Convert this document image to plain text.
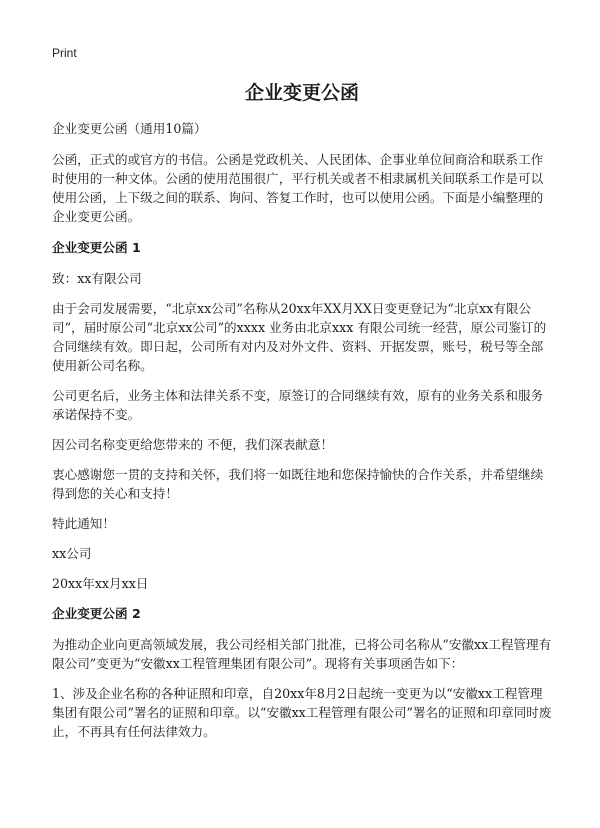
Print
企业变更公函

企业变更公函（通用10篇）

公函，正式的或官方的书信。公函是党政机关、人民团体、企事业单位间商洽和联系工作时使用的一种文体。公函的使用范围很广，平行机关或者不相隶属机关间联系工作是可以使用公函，上下级之间的联系、询问、答复工作时，也可以使用公函。下面是小编整理的企业变更公函。

企业变更公函 1

致：xx有限公司

由于会司发展需要，“北京xx公司”名称从20xx年XX月XX日变更登记为“北京xx有限公司”，届时原公司“北京xx公司”的xxxx 业务由北京xxx 有限公司统一经营，原公司鉴订的合同继续有效。即日起，公司所有对内及对外文件、资料、开据发票，账号，税号等全部使用新公司名称。

公司更名后，业务主体和法律关系不变，原签订的合同继续有效，原有的业务关系和服务承诺保持不变。

因公司名称变更给您带来的 不便，我们深表献意！

衷心感谢您一贯的支持和关怀，我们将一如既往地和您保持愉快的合作关系，并希望继续得到您的关心和支持！

特此通知！

xx公司

20xx年xx月xx日

企业变更公函 2

为推动企业向更高领域发展，我公司经相关部门批准，已将公司名称从“安徽xx工程管理有限公司”变更为“安徽xx工程管理集团有限公司”。现将有关事项函告如下：

1、涉及企业名称的各种证照和印章，自20xx年8月2日起统一变更为以“安徽xx工程管理集团有限公司”署名的证照和印章。以“安徽xx工程管理有限公司”署名的证照和印章同时废止，不再具有任何法律效力。
